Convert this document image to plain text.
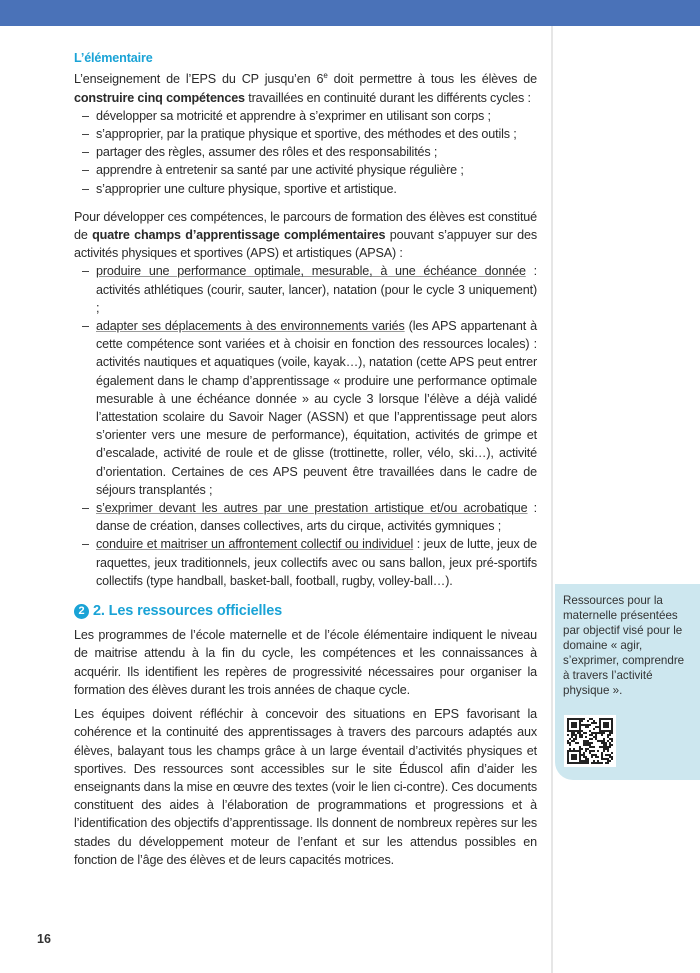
L’élémentaire

L’enseignement de l’EPS du CP jusqu’en 6e doit permettre à tous les élèves de construire cinq compétences travaillées en continuité durant les différents cycles :

– développer sa motricité et apprendre à s’exprimer en utilisant son corps ;
– s’approprier, par la pratique physique et sportive, des méthodes et des outils ;
– partager des règles, assumer des rôles et des responsabilités ;
– apprendre à entretenir sa santé par une activité physique régulière ;
– s’approprier une culture physique, sportive et artistique.

Pour développer ces compétences, le parcours de formation des élèves est constitué de quatre champs d’apprentissage complémentaires pouvant s’appuyer sur des activités physiques et sportives (APS) et artistiques (APSA) :

– produire une performance optimale, mesurable, à une échéance donnée : activités athlétiques (courir, sauter, lancer), natation (pour le cycle 3 uniquement) ;
– adapter ses déplacements à des environnements variés (les APS appartenant à cette compétence sont variées et à choisir en fonction des ressources locales) : activités nautiques et aquatiques (voile, kayak…), natation (cette APS peut entrer également dans le champ d’apprentissage « produire une performance optimale mesurable à une échéance donnée » au cycle 3 lorsque l’élève a déjà validé l’attestation scolaire du Savoir Nager (ASSN) et que l’apprentissage peut alors s’orienter vers une mesure de performance), équitation, activités de grimpe et d’escalade, activité de roule et de glisse (trottinette, roller, vélo, ski…), activité d’orientation. Certaines de ces APS peuvent être travaillées dans le cadre de séjours transplantés ;
– s’exprimer devant les autres par une prestation artistique et/ou acrobatique : danse de création, danses collectives, arts du cirque, activités gymniques ;
– conduire et maitriser un affrontement collectif ou individuel : jeux de lutte, jeux de raquettes, jeux traditionnels, jeux collectifs avec ou sans ballon, jeux pré-sportifs collectifs (type handball, basket-ball, football, rugby, volley-ball…).
2 2. Les ressources officielles

Les programmes de l’école maternelle et de l’école élémentaire indiquent le niveau de maitrise attendu à la fin du cycle, les compétences et les connaissances à acquérir. Ils identifient les repères de progressivité nécessaires pour organiser la formation des élèves durant les trois années de chaque cycle.

Les équipes doivent réfléchir à concevoir des situations en EPS favorisant la cohérence et la continuité des apprentissages à travers des parcours adaptés aux élèves, balayant tous les champs grâce à un large éventail d’activités physiques et sportives. Des ressources sont accessibles sur le site Éduscol afin d’aider les enseignants dans la mise en œuvre des textes (voir le lien ci-contre). Ces documents constituent des aides à l’élaboration de programmations et progressions et à l’identification des objectifs d’apprentissage. Ils donnent de nombreux repères sur les stades du développement moteur de l’enfant et sur les attendus possibles en fonction de l’âge des élèves et de leurs capacités motrices.

Ressources pour la maternelle présentées par objectif visé pour le domaine « agir, s’exprimer, comprendre à travers l’activité physique ».
16
